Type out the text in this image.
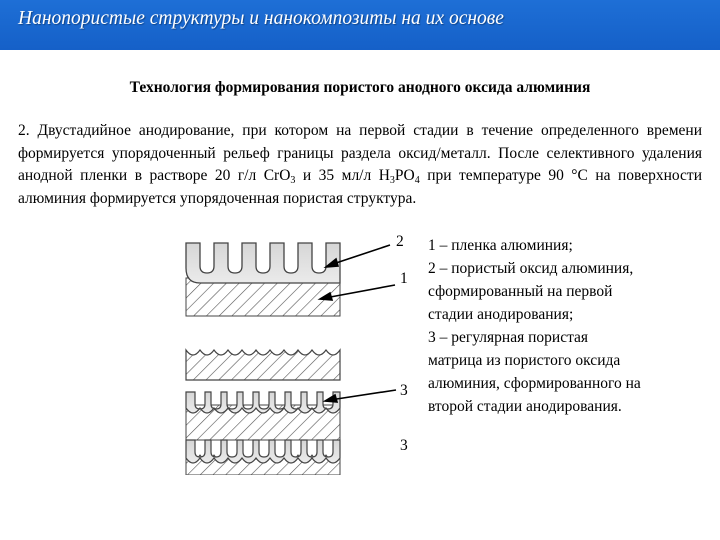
Нанопористые структуры и нанокомпозиты на их основе
Технология формирования пористого анодного оксида алюминия
2. Двустадийное анодирование, при котором на первой стадии в течение определенного времени формируется упорядоченный рельеф границы раздела оксид/металл. После селективного удаления анодной пленки в растворе 20 г/л CrO$_3$ и 35 мл/л $H_3PO_4$ при температуре 90 °С на поверхности алюминия формируется упорядоченная пористая структура.
2
1
3
3
1 – пленка алюминия;
2 – пористый оксид алюминия,
сформированный на первой
стадии анодирования;
3 – регулярная пористая
матрица из пористого оксида
алюминия, сформированного на
второй стадии анодирования.
